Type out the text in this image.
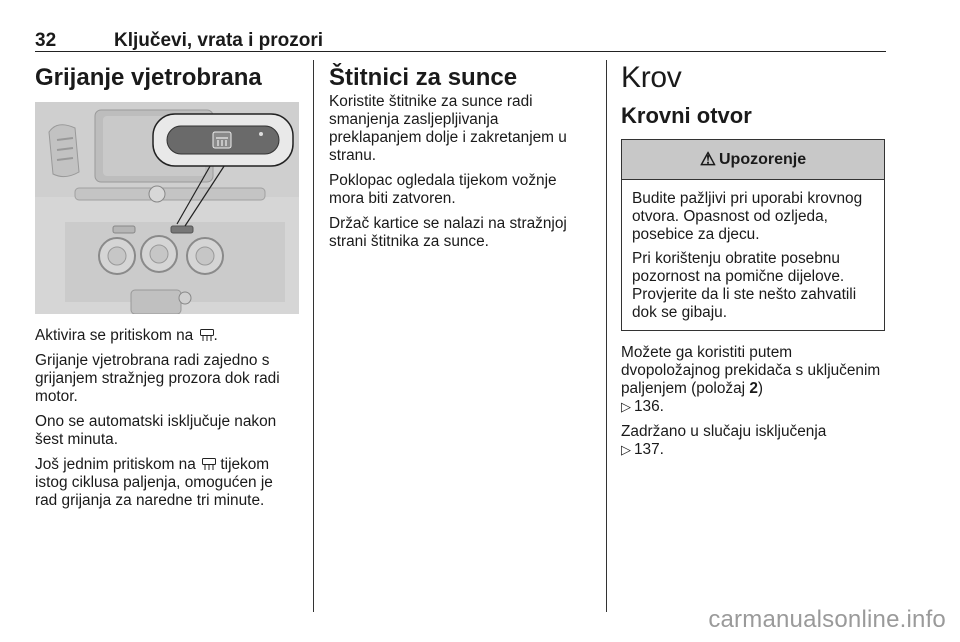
32	Ključevi, vrata i prozori
Grijanje vjetrobrana

Aktivira se pritiskom na .

Grijanje vjetrobrana radi zajedno s grijanjem stražnjeg prozora dok radi motor.

Ono se automatski isključuje nakon šest minuta.

Još jednim pritiskom na tijekom istog ciklusa paljenja, omogućen je rad grijanja za naredne tri minute.

Štitnici za sunce

Koristite štitnike za sunce radi smanjenja zasljepljivanja preklapanjem dolje i zakretanjem u stranu.

Poklopac ogledala tijekom vožnje mora biti zatvoren.

Držač kartice se nalazi na stražnjoj strani štitnika za sunce.

Krov
Krovni otvor
⚠ Upozorenje

Budite pažljivi pri uporabi krovnog otvora. Opasnost od ozljeda, posebice za djecu.

Pri korištenju obratite posebnu pozornost na pomične dijelove. Provjerite da li ste nešto zahvatili dok se gibaju.

Možete ga koristiti putem dvopoložajnog prekidača s uključenim paljenjem (položaj 2)
▷ 136.

Zadržano u slučaju isključenja
▷ 137.

carmanualsonline.info
